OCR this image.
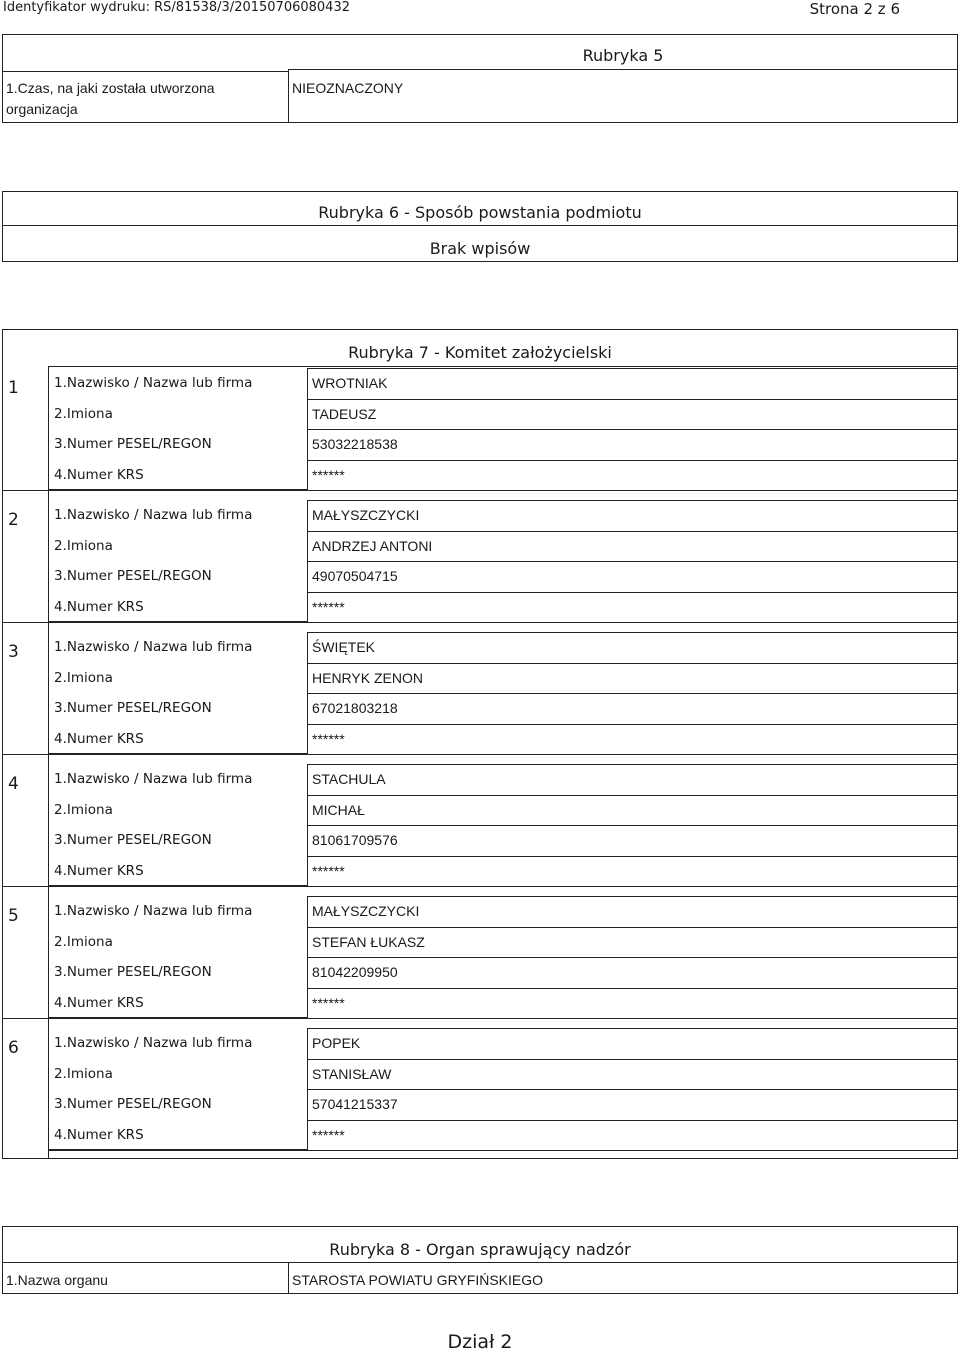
Identyfikator wydruku: RS/81538/3/20150706080432	Strona 2 z 6
Rubryka 5
1.Czas, na jaki została utworzona
organizacja
NIEOZNACZONY
Rubryka 6 - Sposób powstania podmiotu
Brak wpisów
Rubryka 7 - Komitet założycielski
1	1.Nazwisko / Nazwa lub firma	WROTNIAK
2.Imiona	TADEUSZ
3.Numer PESEL/REGON	53032218538
4.Numer KRS	******
2	1.Nazwisko / Nazwa lub firma	MAŁYSZCZYCKI
2.Imiona	ANDRZEJ ANTONI
3.Numer PESEL/REGON	49070504715
4.Numer KRS	******
3	1.Nazwisko / Nazwa lub firma	ŚWIĘTEK
2.Imiona	HENRYK ZENON
3.Numer PESEL/REGON	67021803218
4.Numer KRS	******
4	1.Nazwisko / Nazwa lub firma	STACHULA
2.Imiona	MICHAŁ
3.Numer PESEL/REGON	81061709576
4.Numer KRS	******
5	1.Nazwisko / Nazwa lub firma	MAŁYSZCZYCKI
2.Imiona	STEFAN ŁUKASZ
3.Numer PESEL/REGON	81042209950
4.Numer KRS	******
6	1.Nazwisko / Nazwa lub firma	POPEK
2.Imiona	STANISŁAW
3.Numer PESEL/REGON	57041215337
4.Numer KRS	******
Rubryka 8 - Organ sprawujący nadzór
1.Nazwa organu	STAROSTA POWIATU GRYFIŃSKIEGO
Dział 2
